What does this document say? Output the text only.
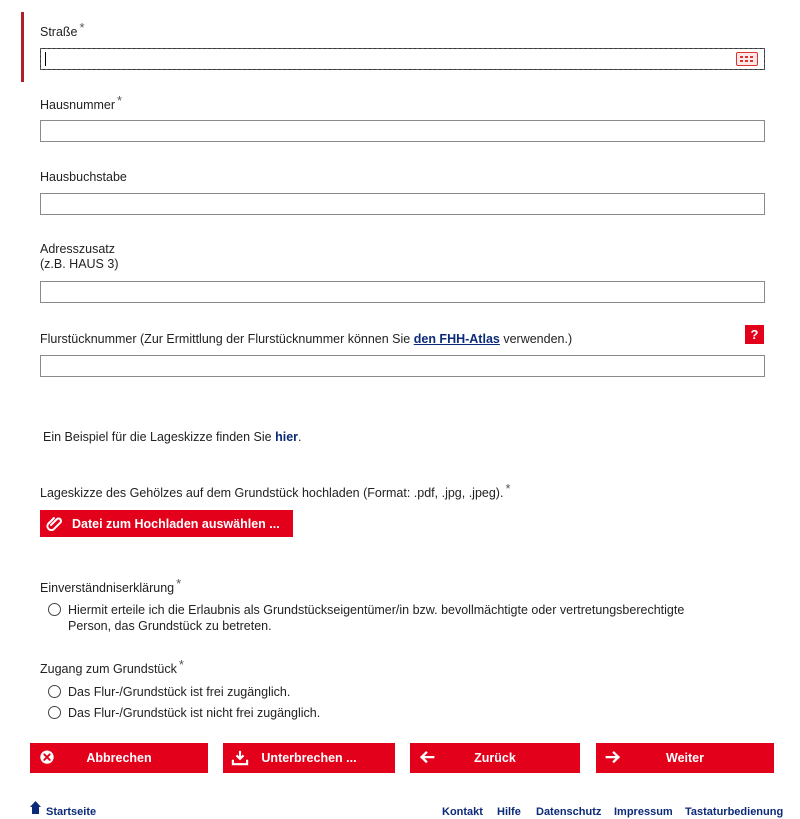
Straße *
Hausnummer *
Hausbuchstabe
Adresszusatz
(z.B. HAUS 3)
Flurstücknummer (Zur Ermittlung der Flurstücknummer können Sie den FHH-Atlas verwenden.)	?
Ein Beispiel für die Lageskizze finden Sie hier.
Lageskizze des Gehölzes auf dem Grundstück hochladen (Format: .pdf, .jpg, .jpeg). *
Datei zum Hochladen auswählen ...
Einverständniserklärung *
Hiermit erteile ich die Erlaubnis als Grundstückseigentümer/in bzw. bevollmächtigte oder vertretungsberechtigte
Person, das Grundstück zu betreten.
Zugang zum Grundstück *
Das Flur-/Grundstück ist frei zugänglich.
Das Flur-/Grundstück ist nicht frei zugänglich.
Abbrechen	Unterbrechen ...	Zurück	Weiter
Startseite	Kontakt Hilfe Datenschutz Impressum Tastaturbedienung
